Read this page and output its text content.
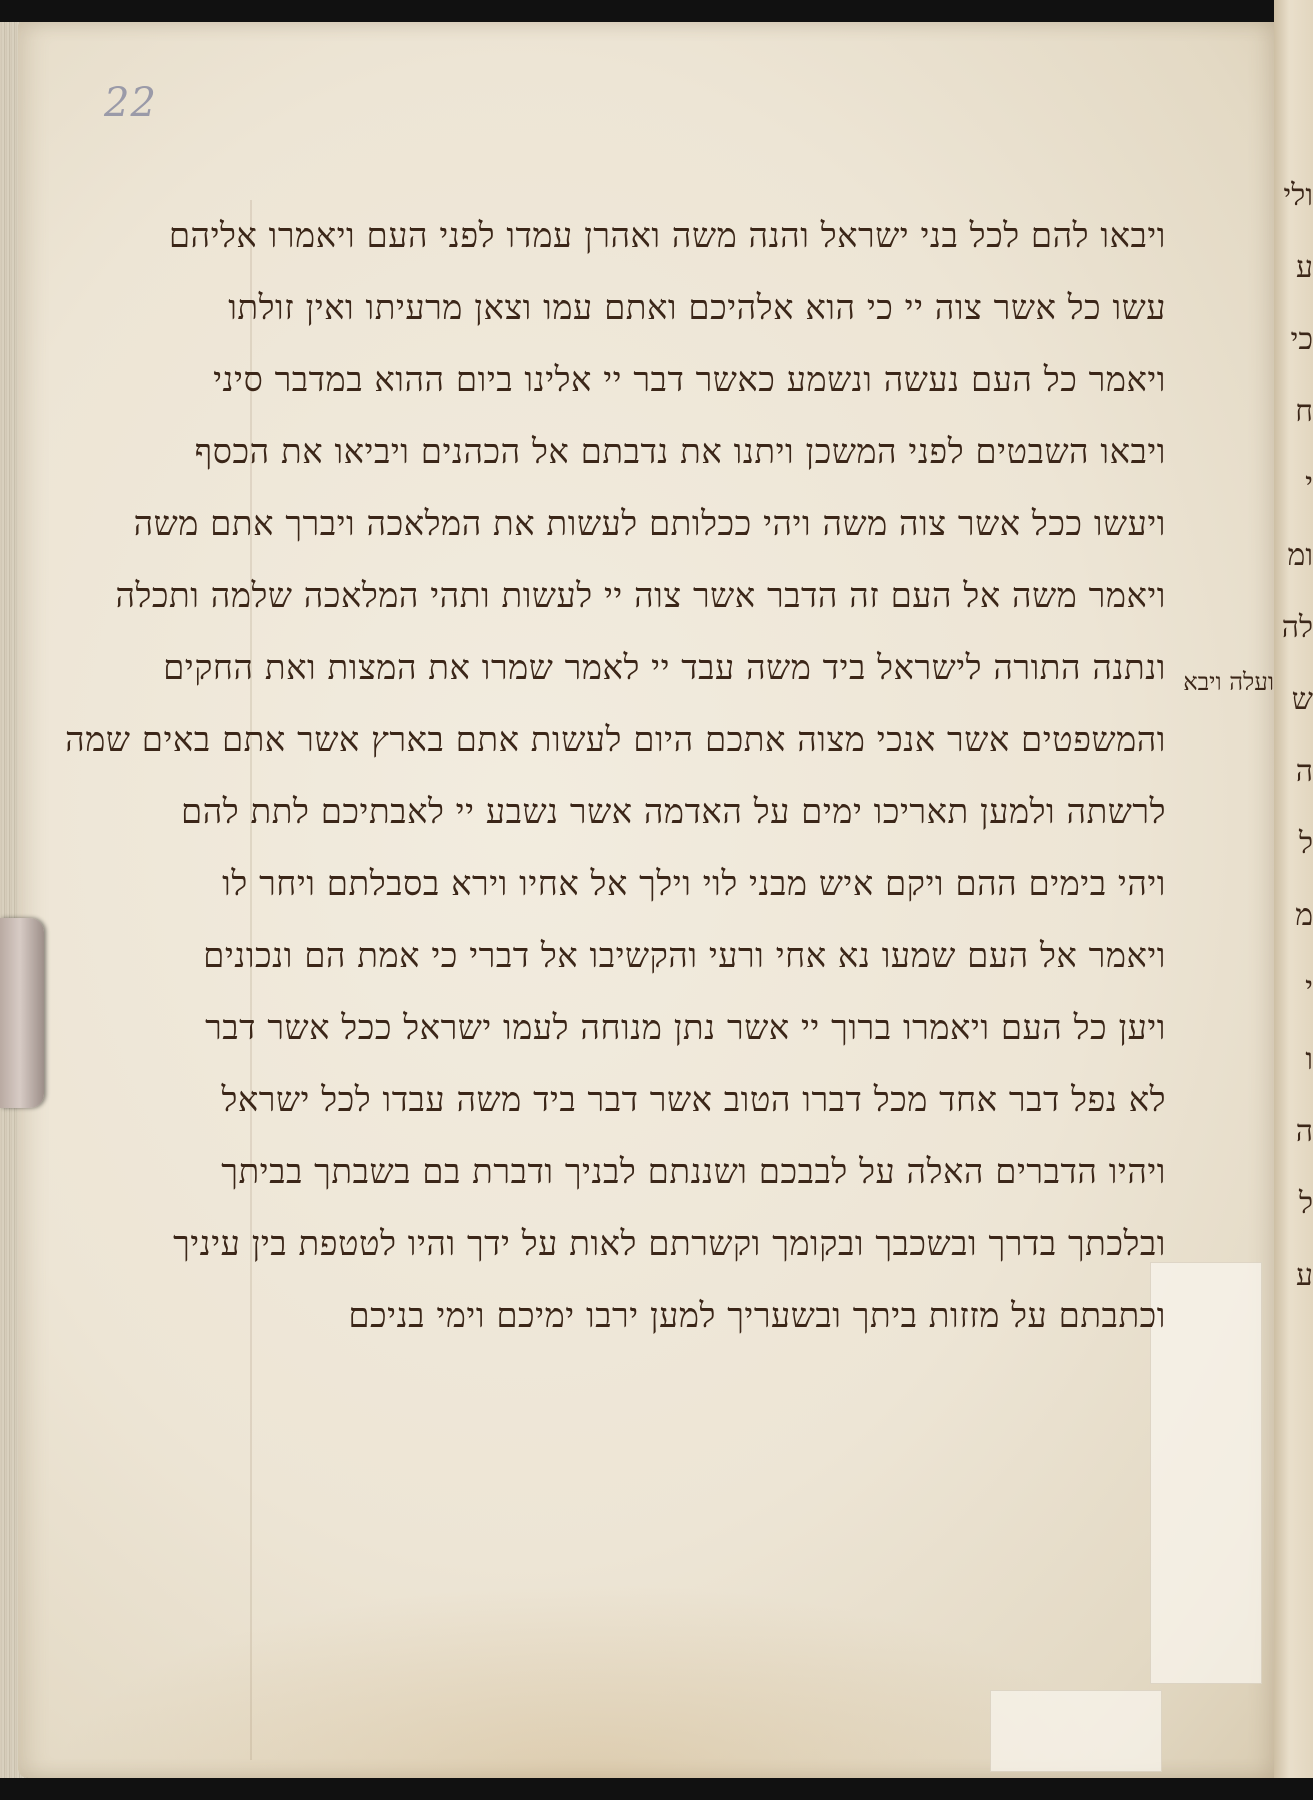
22
ויבאו להם לכל בני ישראל והנה משה ואהרן עמדו לפני העם ויאמרו אליהם
עשו כל אשר צוה יי כי הוא אלהיכם ואתם עמו וצאן מרעיתו ואין זולתו
ויאמר כל העם נעשה ונשמע כאשר דבר יי אלינו ביום ההוא במדבר סיני
ויבאו השבטים לפני המשכן ויתנו את נדבתם אל הכהנים ויביאו את הכסף
ויעשו ככל אשר צוה משה ויהי ככלותם לעשות את המלאכה ויברך אתם משה
ויאמר משה אל העם זה הדבר אשר צוה יי לעשות ותהי המלאכה שלמה ותכלה
ונתנה התורה לישראל ביד משה עבד יי לאמר שמרו את המצות ואת החקים
והמשפטים אשר אנכי מצוה אתכם היום לעשות אתם בארץ אשר אתם באים שמה
לרשתה ולמען תאריכו ימים על האדמה אשר נשבע יי לאבתיכם לתת להם
ויהי בימים ההם ויקם איש מבני לוי וילך אל אחיו וירא בסבלתם ויחר לו
ויאמר אל העם שמעו נא אחי ורעי והקשיבו אל דברי כי אמת הם ונכונים
ויען כל העם ויאמרו ברוך יי אשר נתן מנוחה לעמו ישראל ככל אשר דבר
לא נפל דבר אחד מכל דברו הטוב אשר דבר ביד משה עבדו לכל ישראל
ויהיו הדברים האלה על לבבכם ושננתם לבניך ודברת בם בשבתך בביתך
ובלכתך בדרך ובשכבך ובקומך וקשרתם לאות על ידך והיו לטטפת בין עיניך
וכתבתם על מזזות ביתך ובשעריך למען ירבו ימיכם וימי בניכם
ועלה ויבא
ולי
ע
כי
ח
י
ומ
לה
ש
ה
ל
מ
י
ו
ה
ל
ע
